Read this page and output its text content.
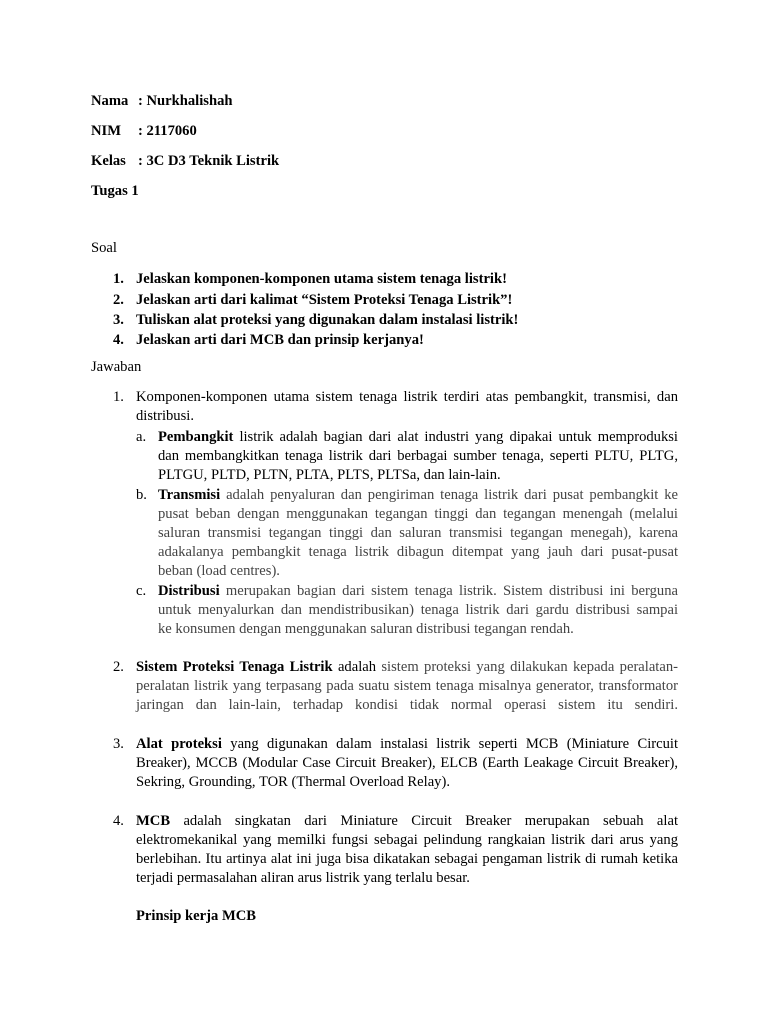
Nama : Nurkhalishah
NIM : 2117060
Kelas : 3C D3 Teknik Listrik
Tugas 1
Soal
1. Jelaskan komponen-komponen utama sistem tenaga listrik!
2. Jelaskan arti dari kalimat “Sistem Proteksi Tenaga Listrik”!
3. Tuliskan alat proteksi yang digunakan dalam instalasi listrik!
4. Jelaskan arti dari MCB dan prinsip kerjanya!
Jawaban
1. Komponen-komponen utama sistem tenaga listrik terdiri atas pembangkit, transmisi, dan
distribusi.
a. Pembangkit listrik adalah bagian dari alat industri yang dipakai untuk memproduksi
dan membangkitkan tenaga listrik dari berbagai sumber tenaga, seperti PLTU, PLTG,
PLTGU, PLTD, PLTN, PLTA, PLTS, PLTSa, dan lain-lain.
b. Transmisi adalah penyaluran dan pengiriman tenaga listrik dari pusat pembangkit ke
pusat beban dengan menggunakan tegangan tinggi dan tegangan menengah (melalui
saluran transmisi tegangan tinggi dan saluran transmisi tegangan menegah), karena
adakalanya pembangkit tenaga listrik dibagun ditempat yang jauh dari pusat-pusat
beban (load centres).
c. Distribusi merupakan bagian dari sistem tenaga listrik. Sistem distribusi ini berguna
untuk menyalurkan dan mendistribusikan) tenaga listrik dari gardu distribusi sampai
ke konsumen dengan menggunakan saluran distribusi tegangan rendah.
2. Sistem Proteksi Tenaga Listrik adalah sistem proteksi yang dilakukan kepada peralatan-
peralatan listrik yang terpasang pada suatu sistem tenaga misalnya generator, transformator
jaringan dan lain-lain, terhadap kondisi tidak normal operasi sistem itu sendiri.
3. Alat proteksi yang digunakan dalam instalasi listrik seperti MCB (Miniature Circuit
Breaker), MCCB (Modular Case Circuit Breaker), ELCB (Earth Leakage Circuit Breaker),
Sekring, Grounding, TOR (Thermal Overload Relay).
4. MCB adalah singkatan dari Miniature Circuit Breaker merupakan sebuah alat
elektromekanikal yang memilki fungsi sebagai pelindung rangkaian listrik dari arus yang
berlebihan. Itu artinya alat ini juga bisa dikatakan sebagai pengaman listrik di rumah ketika
terjadi permasalahan aliran arus listrik yang terlalu besar.
Prinsip kerja MCB
